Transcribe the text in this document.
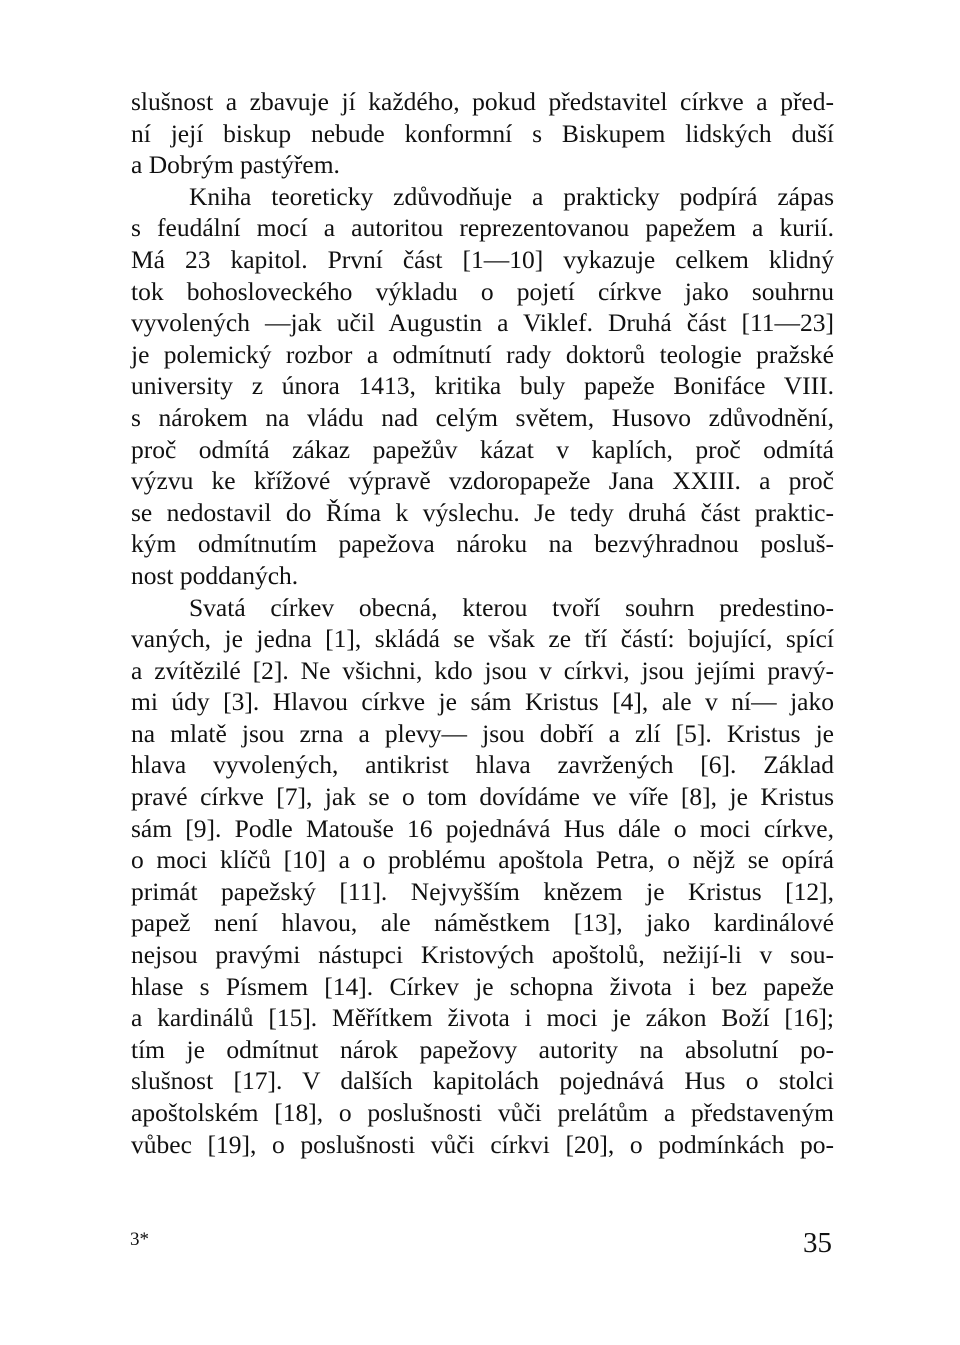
slušnost a zbavuje jí každého, pokud představitel církve a před-
ní její biskup nebude konformní s Biskupem lidských duší
a Dobrým pastýřem.
Kniha teoreticky zdůvodňuje a prakticky podpírá zápas
s feudální mocí a autoritou reprezentovanou papežem a kurií.
Má 23 kapitol. První část [1—10] vykazuje celkem klidný
tok bohosloveckého výkladu o pojetí církve jako souhrnu
vyvolených —jak učil Augustin a Viklef. Druhá část [11—23]
je polemický rozbor a odmítnutí rady doktorů teologie pražské
university z února 1413, kritika buly papeže Bonifáce VIII.
s nárokem na vládu nad celým světem, Husovo zdůvodnění,
proč odmítá zákaz papežův kázat v kaplích, proč odmítá
výzvu ke křížové výpravě vzdoropapeže Jana XXIII. a proč
se nedostavil do Říma k výslechu. Je tedy druhá část praktic-
kým odmítnutím papežova nároku na bezvýhradnou posluš-
nost poddaných.
Svatá církev obecná, kterou tvoří souhrn predestino-
vaných, je jedna [1], skládá se však ze tří částí: bojující, spící
a zvítězilé [2]. Ne všichni, kdo jsou v církvi, jsou jejími pravý-
mi údy [3]. Hlavou církve je sám Kristus [4], ale v ní— jako
na mlatě jsou zrna a plevy— jsou dobří a zlí [5]. Kristus je
hlava vyvolených, antikrist hlava zavržených [6]. Základ
pravé církve [7], jak se o tom dovídáme ve víře [8], je Kristus
sám [9]. Podle Matouše 16 pojednává Hus dále o moci církve,
o moci klíčů [10] a o problému apoštola Petra, o nějž se opírá
primát papežský [11]. Nejvyšším knězem je Kristus [12],
papež není hlavou, ale náměstkem [13], jako kardinálové
nejsou pravými nástupci Kristových apoštolů, nežijí-li v sou-
hlase s Písmem [14]. Církev je schopna života i bez papeže
a kardinálů [15]. Měřítkem života i moci je zákon Boží [16];
tím je odmítnut nárok papežovy autority na absolutní po-
slušnost [17]. V dalších kapitolách pojednává Hus o stolci
apoštolském [18], o poslušnosti vůči prelátům a představeným
vůbec [19], o poslušnosti vůči církvi [20], o podmínkách po-
3*	35
